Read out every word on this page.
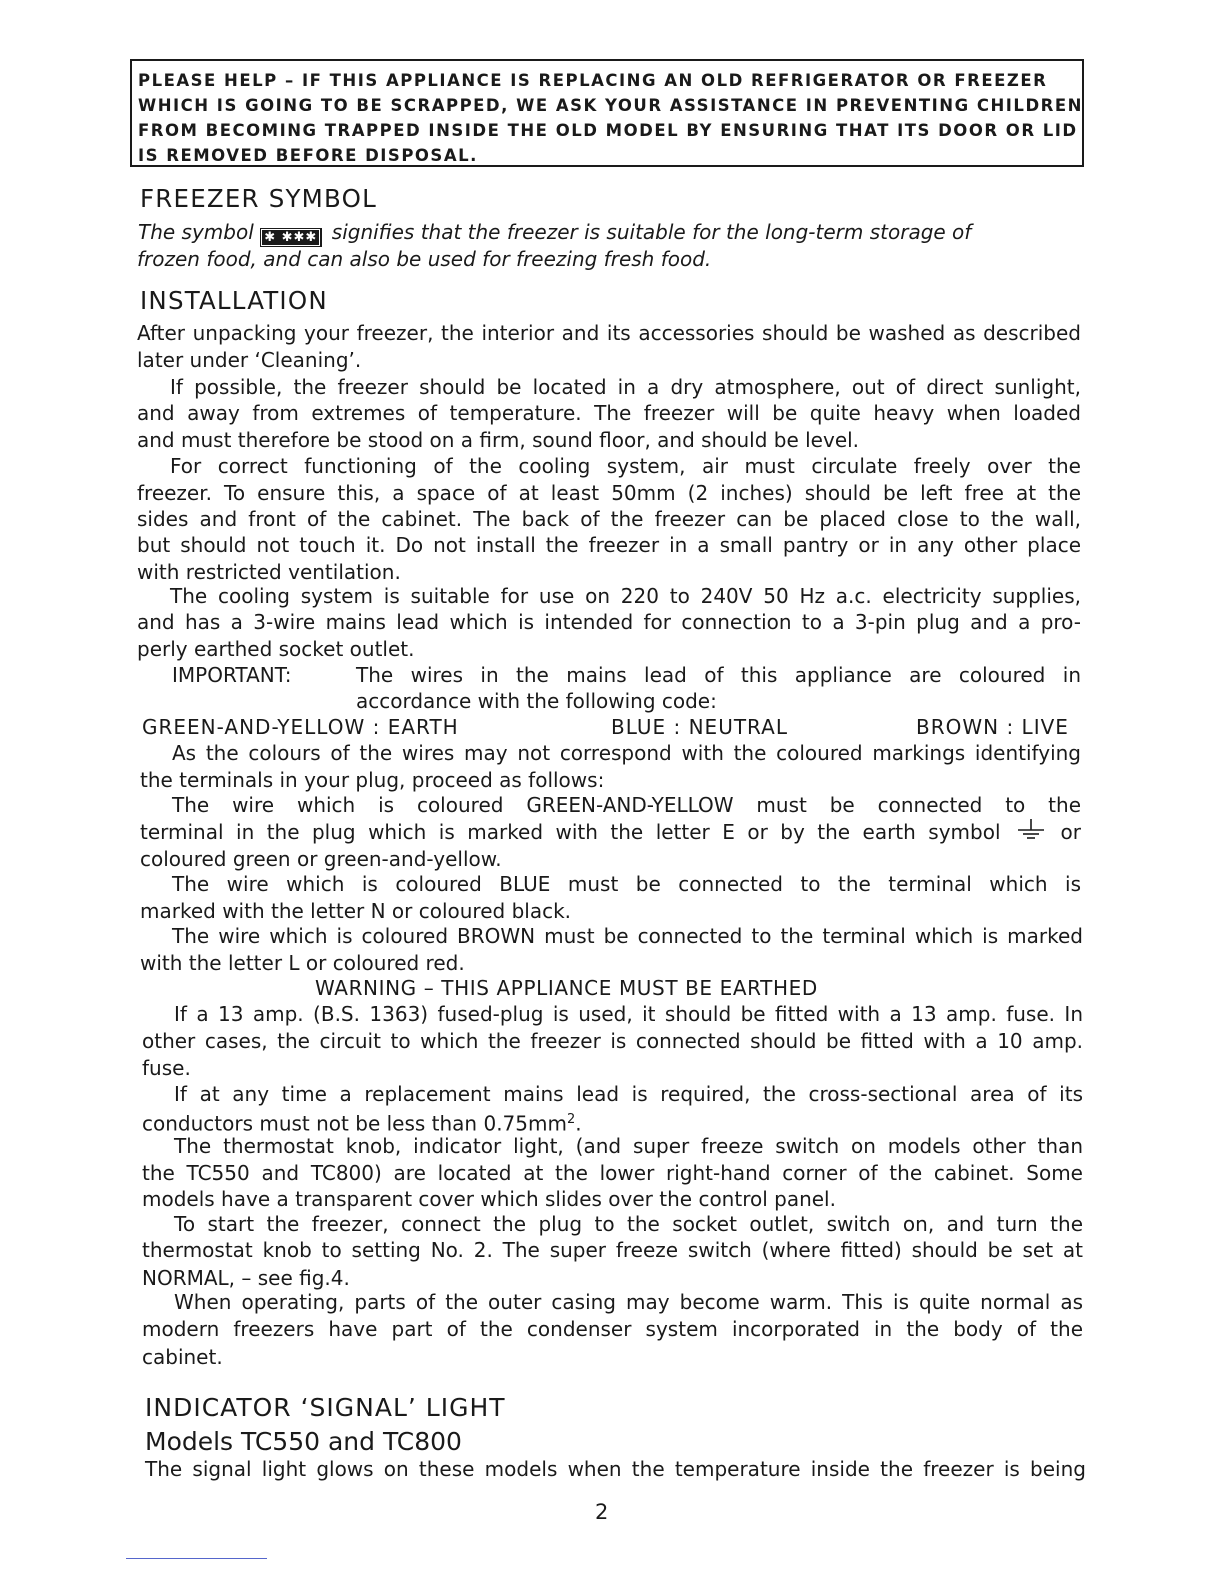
PLEASE HELP – IF THIS APPLIANCE IS REPLACING AN OLD REFRIGERATOR OR FREEZER
WHICH IS GOING TO BE SCRAPPED, WE ASK YOUR ASSISTANCE IN PREVENTING CHILDREN
FROM BECOMING TRAPPED INSIDE THE OLD MODEL BY ENSURING THAT ITS DOOR OR LID
IS REMOVED BEFORE DISPOSAL.
FREEZER SYMBOL
The symbol ✱ ✱✱✱ signifies that the freezer is suitable for the long-term storage of
frozen food, and can also be used for freezing fresh food.
INSTALLATION
After unpacking your freezer, the interior and its accessories should be washed as described
later under ‘Cleaning’.
If possible, the freezer should be located in a dry atmosphere, out of direct sunlight,
and away from extremes of temperature. The freezer will be quite heavy when loaded
and must therefore be stood on a firm, sound floor, and should be level.
For correct functioning of the cooling system, air must circulate freely over the
freezer. To ensure this, a space of at least 50mm (2 inches) should be left free at the
sides and front of the cabinet. The back of the freezer can be placed close to the wall,
but should not touch it. Do not install the freezer in a small pantry or in any other place
with restricted ventilation.
The cooling system is suitable for use on 220 to 240V 50 Hz a.c. electricity supplies,
and has a 3-wire mains lead which is intended for connection to a 3-pin plug and a pro-
perly earthed socket outlet.
IMPORTANT:	The wires in the mains lead of this appliance are coloured in
accordance with the following code:
GREEN-AND-YELLOW : EARTH	BLUE : NEUTRAL	BROWN : LIVE
As the colours of the wires may not correspond with the coloured markings identifying
the terminals in your plug, proceed as follows:
The wire which is coloured GREEN-AND-YELLOW must be connected to the
terminal in the plug which is marked with the letter E or by the earth symbol	or
coloured green or green-and-yellow.
The wire which is coloured BLUE must be connected to the terminal which is
marked with the letter N or coloured black.
The wire which is coloured BROWN must be connected to the terminal which is marked
with the letter L or coloured red.
WARNING – THIS APPLIANCE MUST BE EARTHED
If a 13 amp. (B.S. 1363) fused-plug is used, it should be fitted with a 13 amp. fuse. In
other cases, the circuit to which the freezer is connected should be fitted with a 10 amp.
fuse.
If at any time a replacement mains lead is required, the cross-sectional area of its
conductors must not be less than $0.75mm^2$.
The thermostat knob, indicator light, (and super freeze switch on models other than
the TC550 and TC800) are located at the lower right-hand corner of the cabinet. Some
models have a transparent cover which slides over the control panel.
To start the freezer, connect the plug to the socket outlet, switch on, and turn the
thermostat knob to setting No. 2. The super freeze switch (where fitted) should be set at
NORMAL, – see fig.4.
When operating, parts of the outer casing may become warm. This is quite normal as
modern freezers have part of the condenser system incorporated in the body of the
cabinet.
INDICATOR ‘SIGNAL’ LIGHT
Models TC550 and TC800
The signal light glows on these models when the temperature inside the freezer is being
2
